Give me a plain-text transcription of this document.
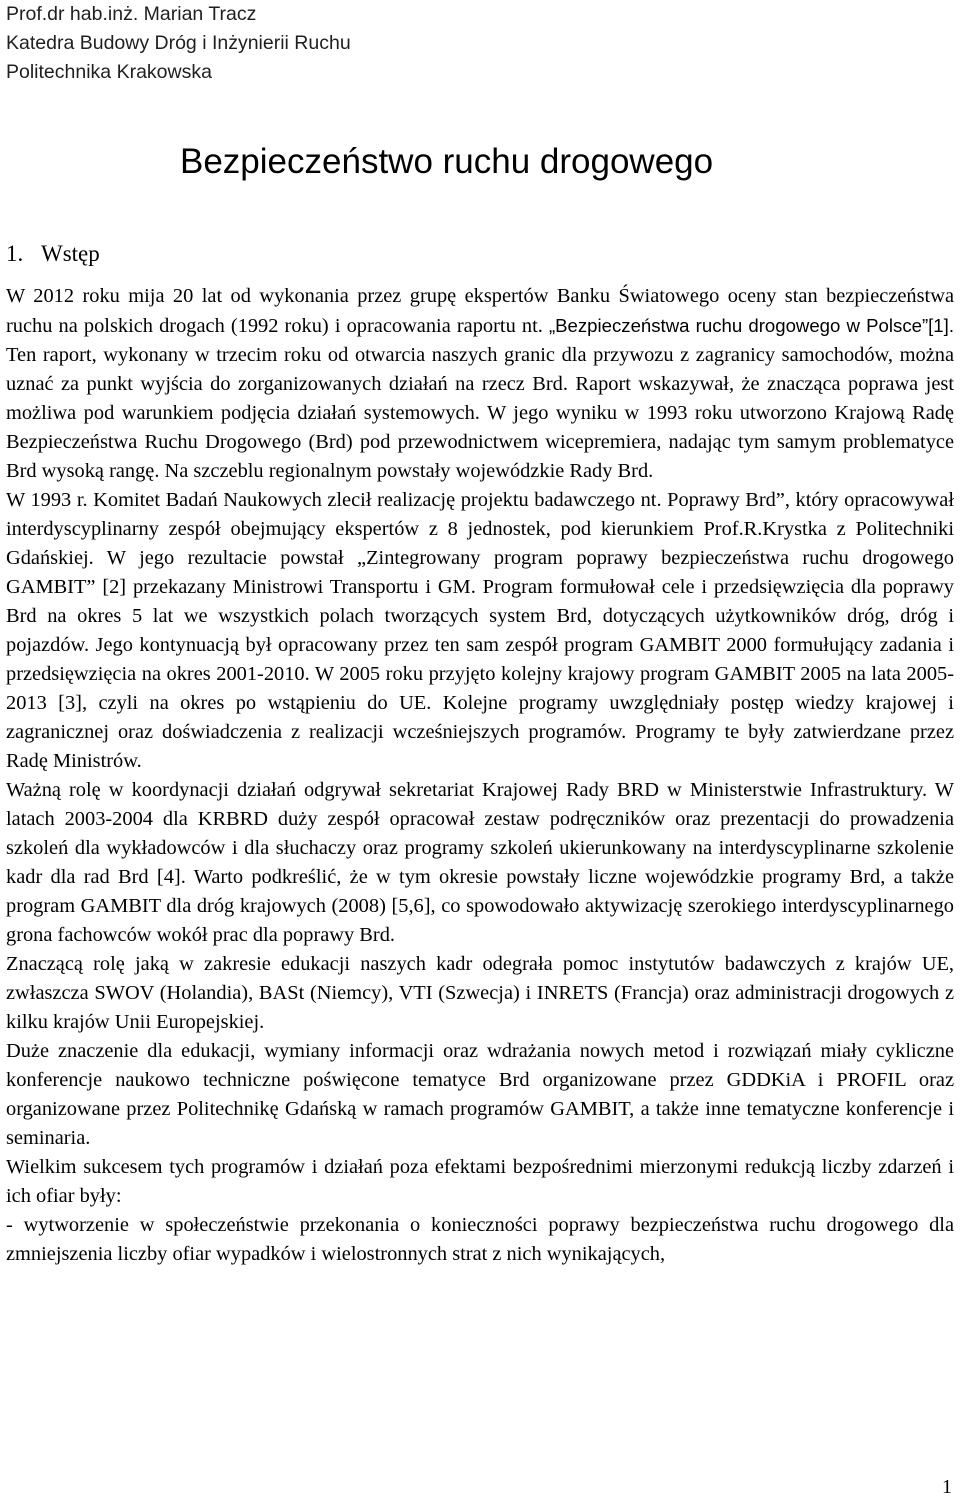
Prof.dr hab.inż. Marian Tracz
Katedra Budowy Dróg i Inżynierii Ruchu
Politechnika Krakowska
Bezpieczeństwo ruchu drogowego
1. Wstęp

W 2012 roku mija 20 lat od wykonania przez grupę ekspertów Banku Światowego oceny stan bezpieczeństwa ruchu na polskich drogach (1992 roku) i opracowania raportu nt. „Bezpieczeństwa ruchu drogowego w Polsce”[1]. Ten raport, wykonany w trzecim roku od otwarcia naszych granic dla przywozu z zagranicy samochodów, można uznać za punkt wyjścia do zorganizowanych działań na rzecz Brd. Raport wskazywał, że znacząca poprawa jest możliwa pod warunkiem podjęcia działań systemowych. W jego wyniku w 1993 roku utworzono Krajową Radę Bezpieczeństwa Ruchu Drogowego (Brd) pod przewodnictwem wicepremiera, nadając tym samym problematyce Brd wysoką rangę. Na szczeblu regionalnym powstały wojewódzkie Rady Brd.

W 1993 r. Komitet Badań Naukowych zlecił realizację projektu badawczego nt. Poprawy Brd”, który opracowywał interdyscyplinarny zespół obejmujący ekspertów z 8 jednostek, pod kierunkiem Prof.R.Krystka z Politechniki Gdańskiej. W jego rezultacie powstał „Zintegrowany program poprawy bezpieczeństwa ruchu drogowego GAMBIT” [2] przekazany Ministrowi Transportu i GM. Program formułował cele i przedsięwzięcia dla poprawy Brd na okres 5 lat we wszystkich polach tworzących system Brd, dotyczących użytkowników dróg, dróg i pojazdów. Jego kontynuacją był opracowany przez ten sam zespół program GAMBIT 2000 formułujący zadania i przedsięwzięcia na okres 2001-2010. W 2005 roku przyjęto kolejny krajowy program GAMBIT 2005 na lata 2005-2013 [3], czyli na okres po wstąpieniu do UE. Kolejne programy uwzględniały postęp wiedzy krajowej i zagranicznej oraz doświadczenia z realizacji wcześniejszych programów. Programy te były zatwierdzane przez Radę Ministrów.

Ważną rolę w koordynacji działań odgrywał sekretariat Krajowej Rady BRD w Ministerstwie Infrastruktury. W latach 2003-2004 dla KRBRD duży zespół opracował zestaw podręczników oraz prezentacji do prowadzenia szkoleń dla wykładowców i dla słuchaczy oraz programy szkoleń ukierunkowany na interdyscyplinarne szkolenie kadr dla rad Brd [4]. Warto podkreślić, że w tym okresie powstały liczne wojewódzkie programy Brd, a także program GAMBIT dla dróg krajowych (2008) [5,6], co spowodowało aktywizację szerokiego interdyscyplinarnego grona fachowców wokół prac dla poprawy Brd.

Znaczącą rolę jaką w zakresie edukacji naszych kadr odegrała pomoc instytutów badawczych z krajów UE, zwłaszcza SWOV (Holandia), BASt (Niemcy), VTI (Szwecja) i INRETS (Francja) oraz administracji drogowych z kilku krajów Unii Europejskiej.

Duże znaczenie dla edukacji, wymiany informacji oraz wdrażania nowych metod i rozwiązań miały cykliczne konferencje naukowo techniczne poświęcone tematyce Brd organizowane przez GDDKiA i PROFIL oraz organizowane przez Politechnikę Gdańską w ramach programów GAMBIT, a także inne tematyczne konferencje i seminaria.

Wielkim sukcesem tych programów i działań poza efektami bezpośrednimi mierzonymi redukcją liczby zdarzeń i ich ofiar były:

- wytworzenie w społeczeństwie przekonania o konieczności poprawy bezpieczeństwa ruchu drogowego dla zmniejszenia liczby ofiar wypadków i wielostronnych strat z nich wynikających,

1
